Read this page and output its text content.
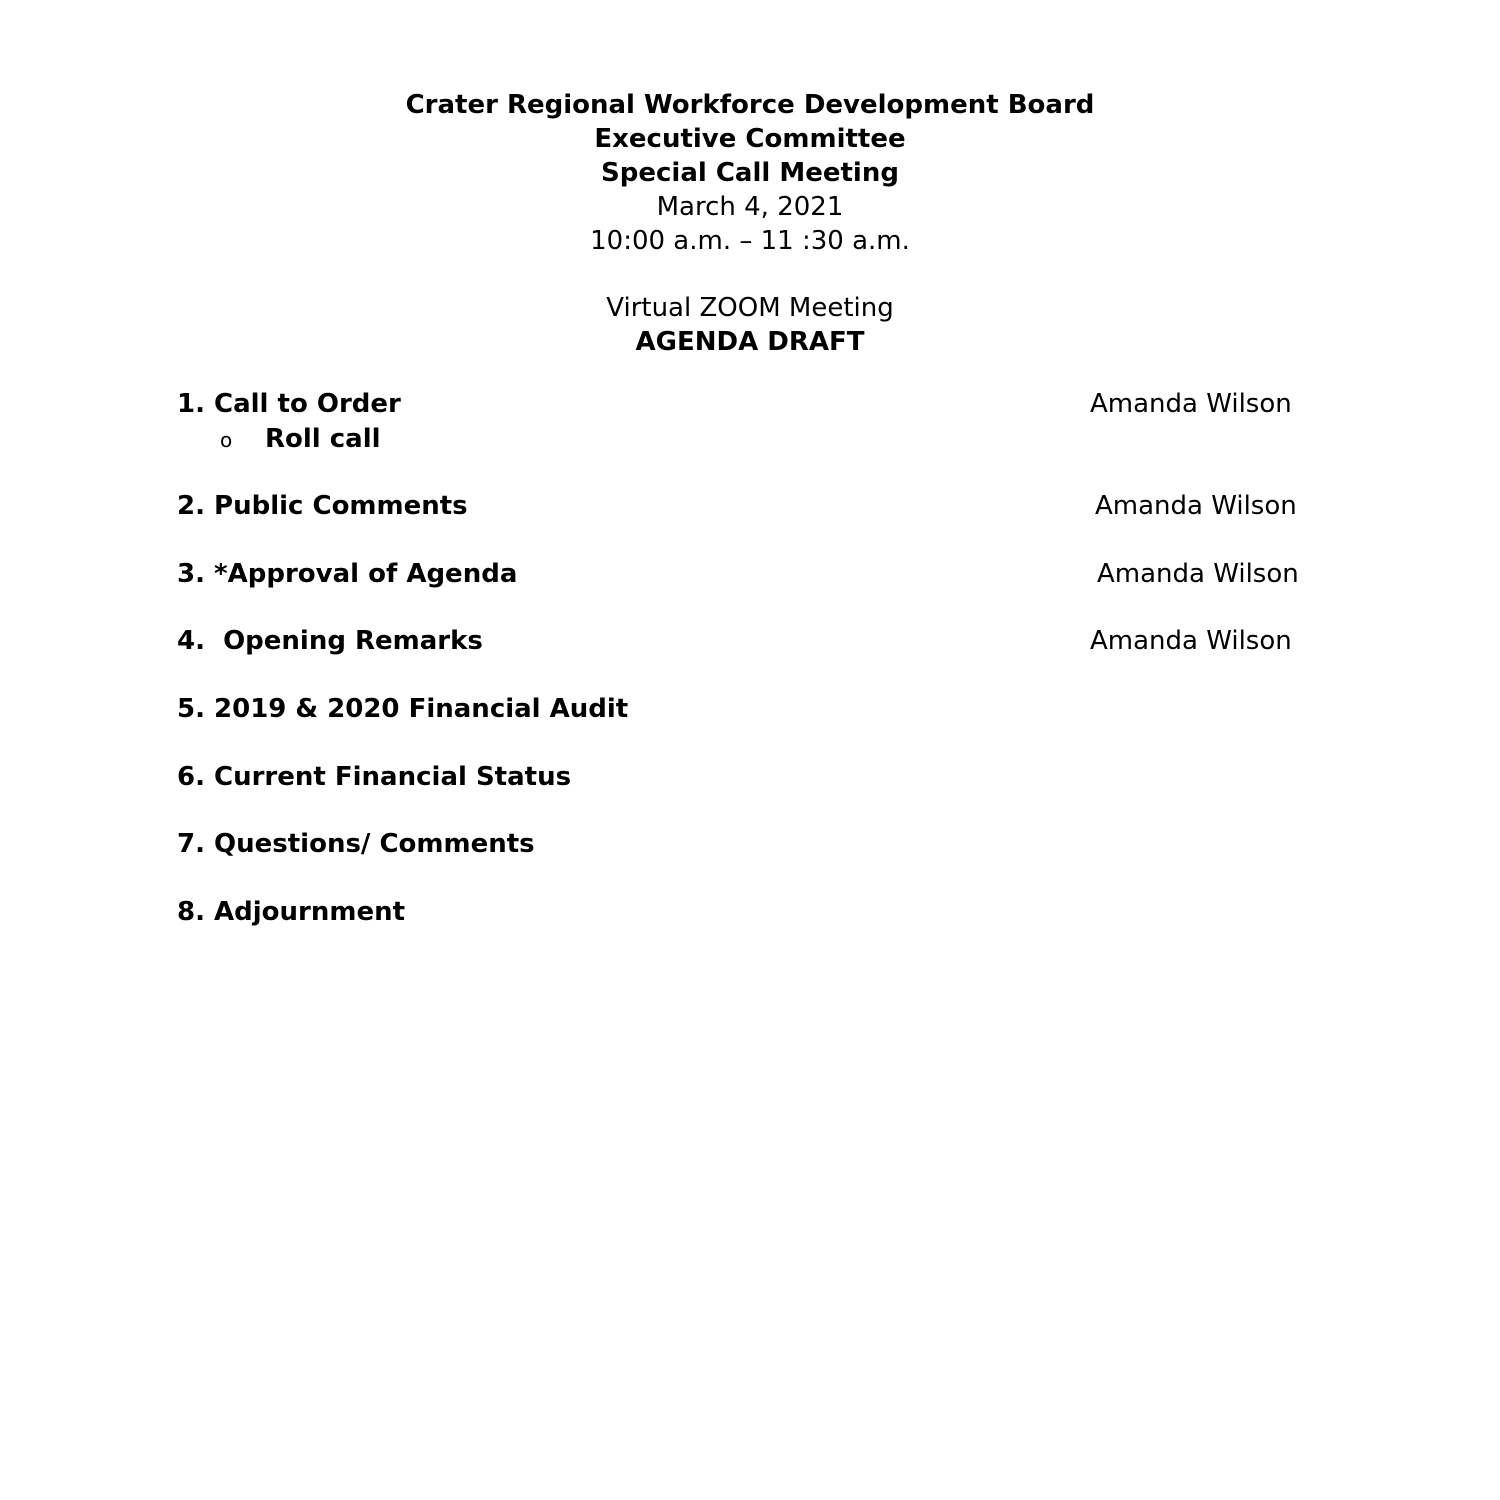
Crater Regional Workforce Development Board
Executive Committee
Special Call Meeting
March 4, 2021
10:00 a.m. – 11 :30 a.m.
Virtual ZOOM Meeting
AGENDA DRAFT
1. Call to Order	Amanda Wilson
o Roll call
2. Public Comments	Amanda Wilson
3. *Approval of Agenda	Amanda Wilson
4.  Opening Remarks	Amanda Wilson
5. 2019 & 2020 Financial Audit
6. Current Financial Status
7. Questions/ Comments
8. Adjournment
